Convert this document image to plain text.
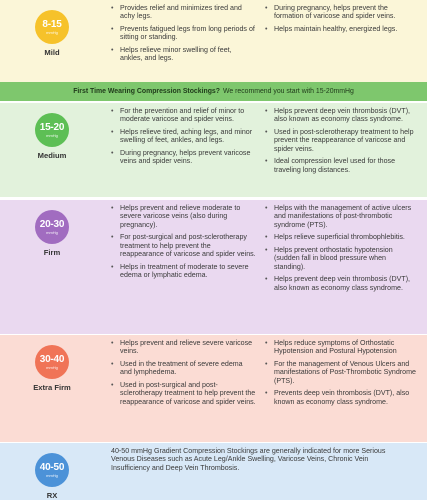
8-15
mmHg
Mild
• Provides relief and minimizes tired and achy legs.
• Prevents fatigued legs from long periods of sitting or standing.
• Helps relieve minor swelling of feet, ankles, and legs.
• During pregnancy, helps prevent the formation of varicose and spider veins.
• Helps maintain healthy, energized legs.
First Time Wearing Compression Stockings? We recommend you start with 15-20mmHg
15-20
mmHg
Medium
• For the prevention and relief of minor to moderate varicose and spider veins.
• Helps relieve tired, aching legs, and minor swelling of feet, ankles, and legs.
• During pregnancy, helps prevent varicose veins and spider veins.
• Helps prevent deep vein thrombosis (DVT), also known as economy class syndrome.
• Used in post-sclerotherapy treatment to help prevent the reappearance of varicose and spider veins.
• Ideal compression level used for those traveling long distances.
20-30
mmHg
Firm
• Helps prevent and relieve moderate to severe varicose veins (also during pregnancy).
• For post-surgical and post-sclerotherapy treatment to help prevent the reappearance of varicose and spider veins.
• Helps in treatment of moderate to severe edema or lymphatic edema.
• Helps with the management of active ulcers and manifestations of post-thrombotic syndrome (PTS).
• Helps relieve superficial thrombophlebitis.
• Helps prevent orthostatic hypotension (sudden fall in blood pressure when standing).
• Helps prevent deep vein thrombosis (DVT), also known as economy class syndrome.
30-40
mmHg
Extra Firm
• Helps prevent and relieve severe varicose veins.
• Used in the treatment of severe edema and lymphedema.
• Used in post-surgical and post-sclerotherapy treatment to help prevent the reappearance of varicose and spider veins.
• Helps reduce symptoms of Orthostatic Hypotension and Postural Hypotension
• For the management of Venous Ulcers and manifestations of Post-Thrombotic Syndrome (PTS).
• Prevents deep vein thrombosis (DVT), also known as economy class syndrome.
40-50
mmHg
RX

40-50 mmHg Gradient Compression Stockings are generally indicated for more Serious Venous Diseases such as Acute Leg/Ankle Swelling, Varicose Veins, Chronic Vein Insufficiency and Deep Vein Thrombosis.
